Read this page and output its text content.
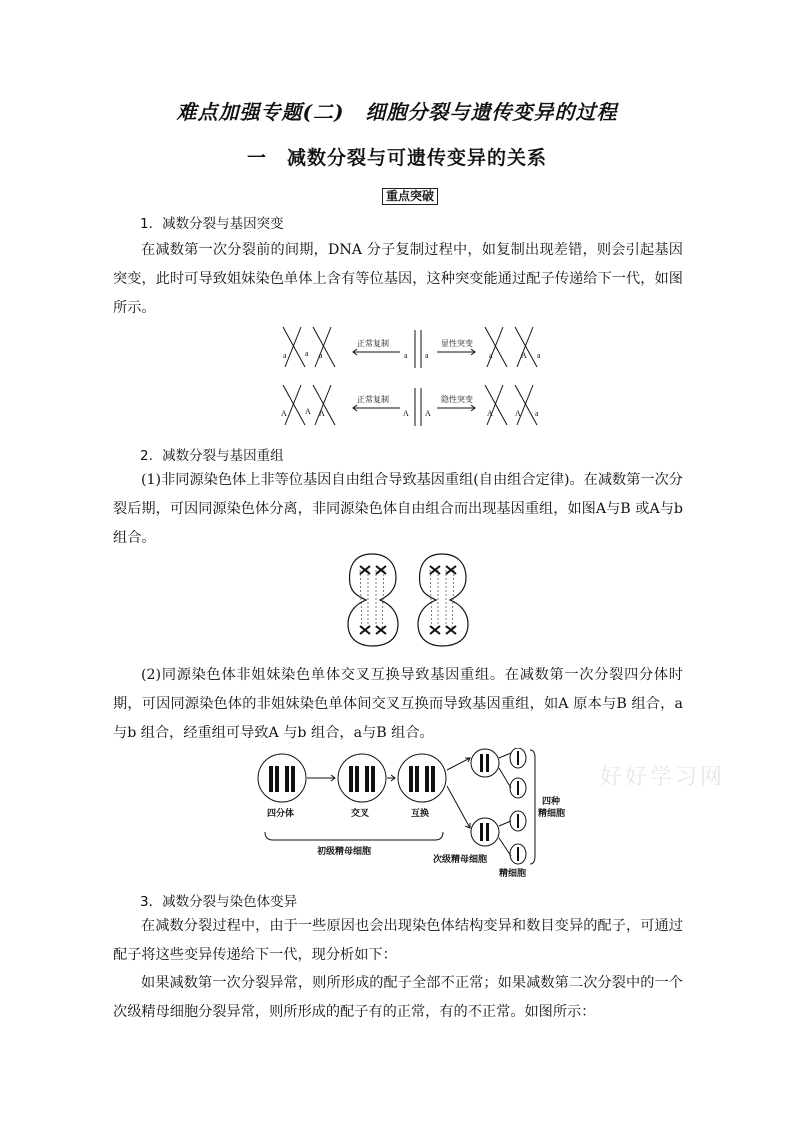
难点加强专题(二)　细胞分裂与遗传变异的过程
一　减数分裂与可遗传变异的关系
重点突破
1．减数分裂与基因突变
在减数第一次分裂前的间期，DNA 分子复制过程中，如复制出现差错，则会引起基因突变，此时可导致姐妹染色单体上含有等位基因，这种突变能通过配子传递给下一代，如图所示。
正常复制	显性突变
正常复制	隐性突变
a a a	a a	a	A a
A A A	A A	A	A a
2．减数分裂与基因重组
(1)非同源染色体上非等位基因自由组合导致基因重组(自由组合定律)。在减数第一次分裂后期，可因同源染色体分离，非同源染色体自由组合而出现基因重组，如图A与B 或A与b 组合。
(2)同源染色体非姐妹染色单体交叉互换导致基因重组。在减数第一次分裂四分体时期，可因同源染色体的非姐妹染色单体间交叉互换而导致基因重组，如A 原本与B 组合，a与b 组合，经重组可导致A 与b 组合，a与B 组合。
四分体	交叉	互换
初级精母细胞
次级精母细胞
精细胞
四种
精细胞
好好学习网
3．减数分裂与染色体变异
在减数分裂过程中，由于一些原因也会出现染色体结构变异和数目变异的配子，可通过配子将这些变异传递给下一代，现分析如下：
如果减数第一次分裂异常，则所形成的配子全部不正常；如果减数第二次分裂中的一个次级精母细胞分裂异常，则所形成的配子有的正常，有的不正常。如图所示：
